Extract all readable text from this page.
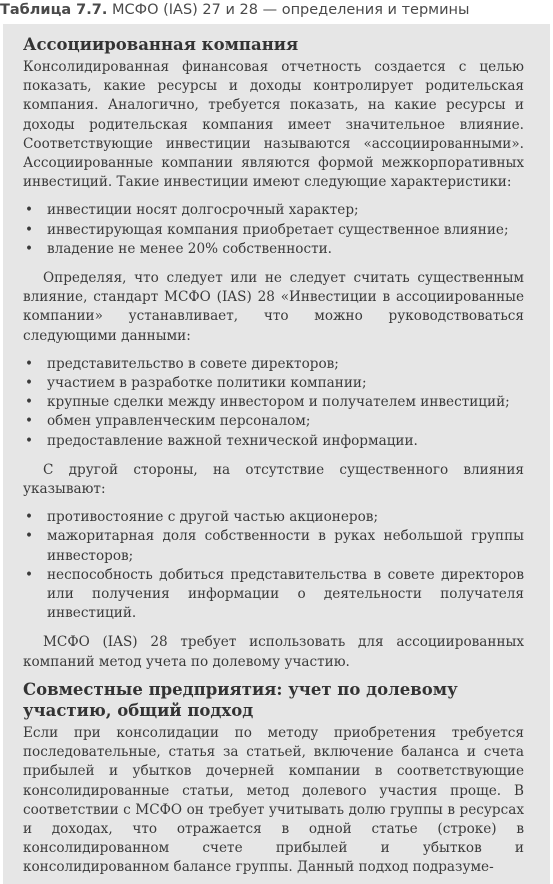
Таблица 7.7. МСФО (IAS) 27 и 28 — определения и термины
Ассоциированная компания

Консолидированная финансовая отчетность создается с целью показать, какие ресурсы и доходы контролирует родительская компания. Аналогично, требуется показать, на какие ресурсы и доходы родительская компания имеет значительное влияние. Соответствующие инвестиции называются «ассоциированными». Ассоциированные компании являются формой межкорпоративных инвестиций. Такие инвестиции имеют следующие характеристики:

• инвестиции носят долгосрочный характер;
• инвестирующая компания приобретает существенное влияние;
• владение не менее 20% собственности.

Определяя, что следует или не следует считать существенным влияние, стандарт МСФО (IAS) 28 «Инвестиции в ассоциированные компании» устанавливает, что можно руководствоваться следующими данными:

• представительство в совете директоров;
• участием в разработке политики компании;
• крупные сделки между инвестором и получателем инвестиций;
• обмен управленческим персоналом;
• предоставление важной технической информации.

С другой стороны, на отсутствие существенного влияния указывают:

• противостояние с другой частью акционеров;
• мажоритарная доля собственности в руках небольшой группы инвесторов;
• неспособность добиться представительства в совете директоров или получения информации о деятельности получателя инвестиций.

МСФО (IAS) 28 требует использовать для ассоциированных компаний метод учета по долевому участию.

Совместные предприятия: учет по долевому участию, общий подход

Если при консолидации по методу приобретения требуется последовательные, статья за статьей, включение баланса и счета прибылей и убытков дочерней компании в соответствующие консолидированные статьи, метод долевого участия проще. В соответствии с МСФО он требует учитывать долю группы в ресурсах и доходах, что отражается в одной статье (строке) в консолидированном счете прибылей и убытков и консолидированном балансе группы. Данный подход подразуме-
